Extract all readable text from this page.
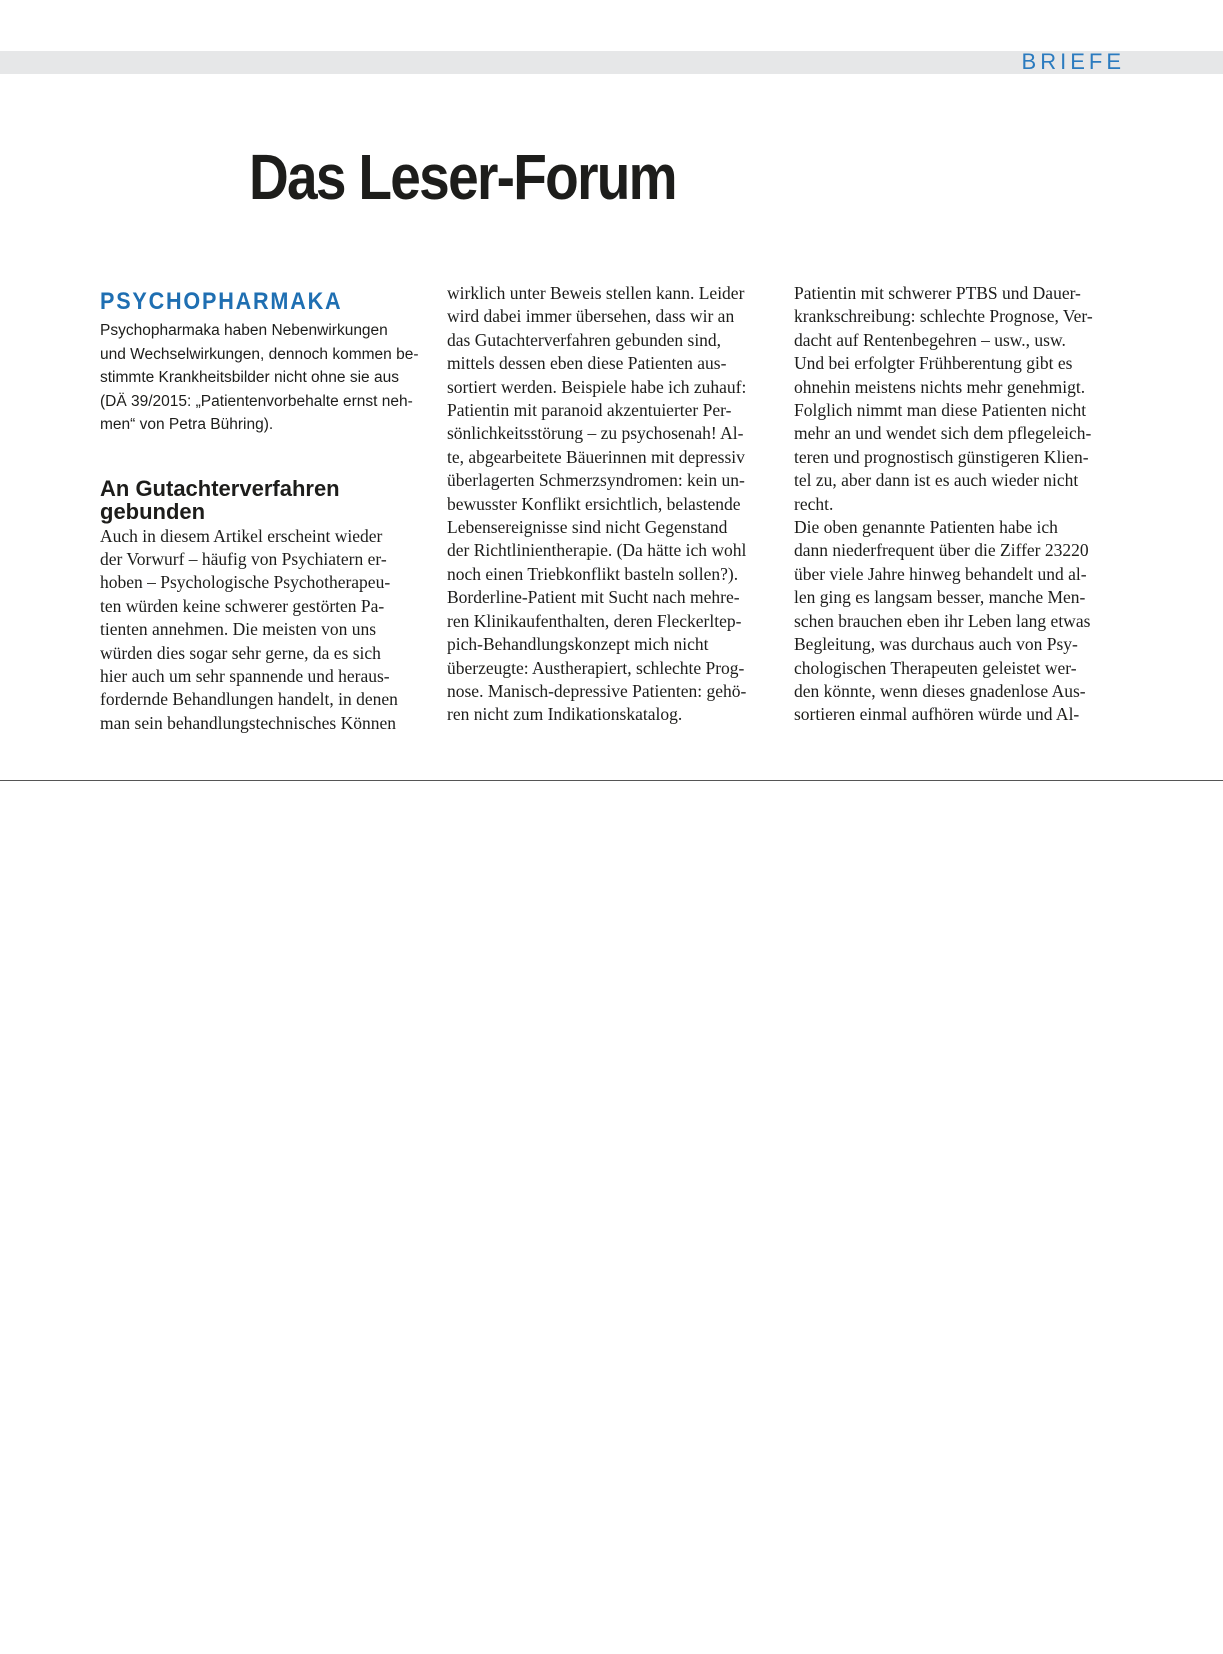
BRIEFE
Das Leser-Forum
PSYCHOPHARMAKA
Psychopharmaka haben Nebenwirkungen
und Wechselwirkungen, dennoch kommen be-
stimmte Krankheitsbilder nicht ohne sie aus
(DÄ 39/2015: „Patientenvorbehalte ernst neh-
men“ von Petra Bühring).
An Gutachterverfahren
gebunden
Auch in diesem Artikel erscheint wieder
der Vorwurf – häufig von Psychiatern er-
hoben – Psychologische Psychotherapeu-
ten würden keine schwerer gestörten Pa-
tienten annehmen. Die meisten von uns
würden dies sogar sehr gerne, da es sich
hier auch um sehr spannende und heraus-
fordernde Behandlungen handelt, in denen
man sein behandlungstechnisches Können
wirklich unter Beweis stellen kann. Leider
wird dabei immer übersehen, dass wir an
das Gutachterverfahren gebunden sind,
mittels dessen eben diese Patienten aus-
sortiert werden. Beispiele habe ich zuhauf:
Patientin mit paranoid akzentuierter Per-
sönlichkeitsstörung – zu psychosenah! Al-
te, abgearbeitete Bäuerinnen mit depressiv
überlagerten Schmerzsyndromen: kein un-
bewusster Konflikt ersichtlich, belastende
Lebensereignisse sind nicht Gegenstand
der Richtlinientherapie. (Da hätte ich wohl
noch einen Triebkonflikt basteln sollen?).
Borderline-Patient mit Sucht nach mehre-
ren Klinikaufenthalten, deren Fleckerltep-
pich-Behandlungskonzept mich nicht
überzeugte: Austherapiert, schlechte Prog-
nose. Manisch-depressive Patienten: gehö-
ren nicht zum Indikationskatalog.
Patientin mit schwerer PTBS und Dauer-
krankschreibung: schlechte Prognose, Ver-
dacht auf Rentenbegehren – usw., usw.
Und bei erfolgter Frühberentung gibt es
ohnehin meistens nichts mehr genehmigt.
Folglich nimmt man diese Patienten nicht
mehr an und wendet sich dem pflegeleich-
teren und prognostisch günstigeren Klien-
tel zu, aber dann ist es auch wieder nicht
recht.
Die oben genannte Patienten habe ich
dann niederfrequent über die Ziffer 23220
über viele Jahre hinweg behandelt und al-
len ging es langsam besser, manche Men-
schen brauchen eben ihr Leben lang etwas
Begleitung, was durchaus auch von Psy-
chologischen Therapeuten geleistet wer-
den könnte, wenn dieses gnadenlose Aus-
sortieren einmal aufhören würde und Al-
